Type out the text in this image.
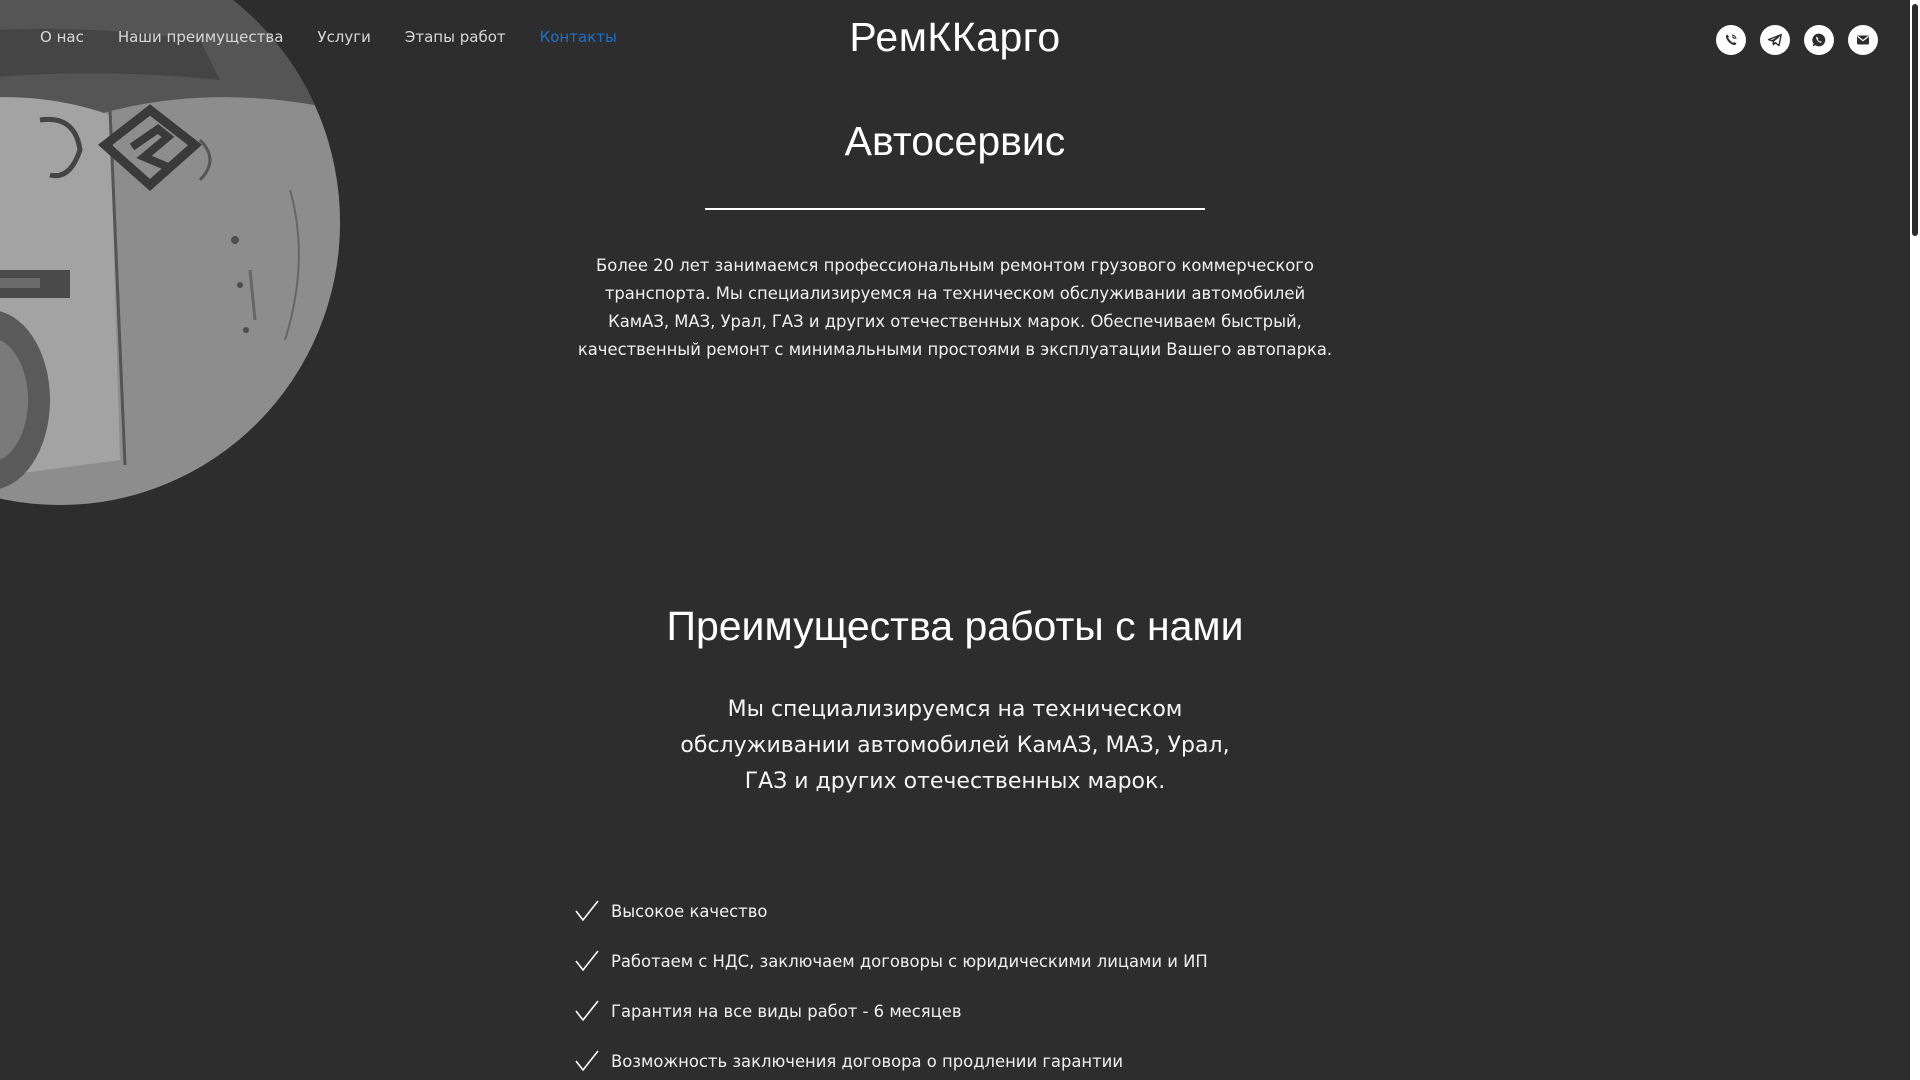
О нас Наши преимущества Услуги Этапы работ Контакты	РемККарго
Автосервис

Более 20 лет занимаемся профессиональным ремонтом грузового коммерческого транспорта. Мы специализируемся на техническом обслуживании автомобилей КамАЗ, МАЗ, Урал, ГАЗ и других отечественных марок. Обеспечиваем быстрый, качественный ремонт с минимальными простоями в эксплуатации Вашего автопарка.

Преимущества работы с нами

Мы специализируемся на техническом обслуживании автомобилей КамАЗ, МАЗ, Урал, ГАЗ и других отечественных марок.

Высокое качество
Работаем с НДС, заключаем договоры с юридическими лицами и ИП
Гарантия на все виды работ - 6 месяцев
Возможность заключения договора о продлении гарантии
